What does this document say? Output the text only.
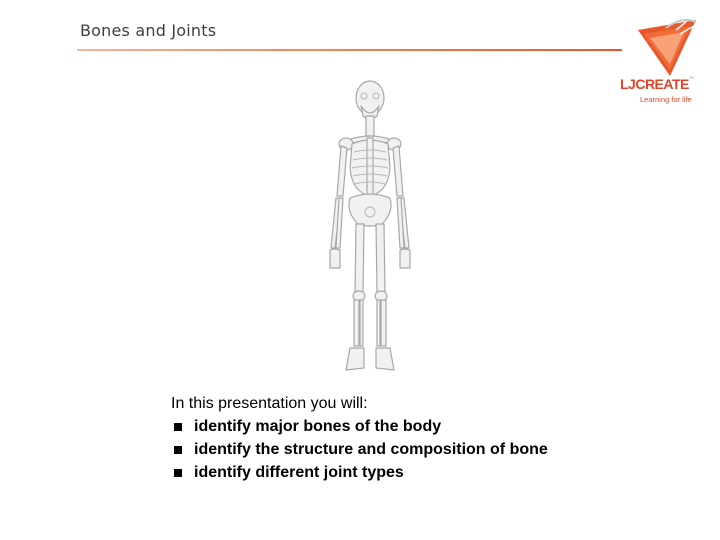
Bones and Joints
LJCREATE™
Learning for life
In this presentation you will:
identify major bones of the body
identify the structure and composition of bone
identify different joint types
